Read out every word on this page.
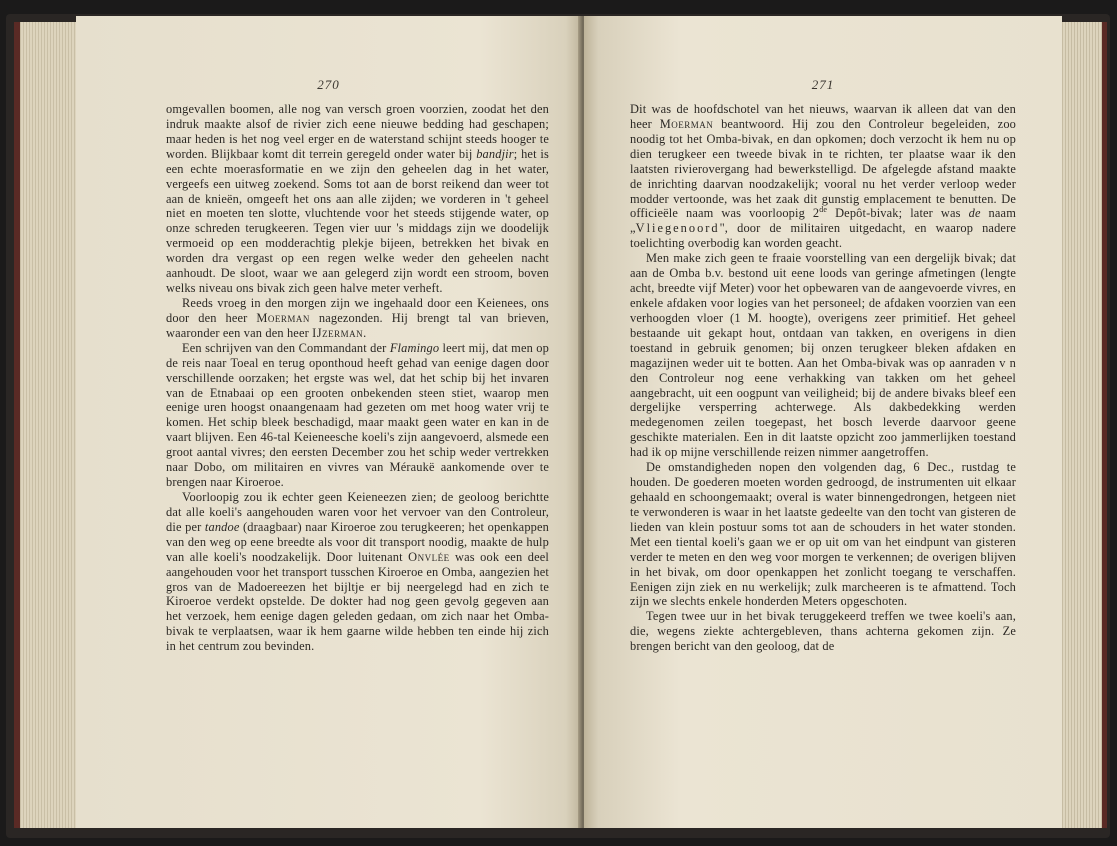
270

omgevallen boomen, alle nog van versch groen voorzien, zoodat het den indruk maakte alsof de rivier zich eene nieuwe bedding had geschapen; maar heden is het nog veel erger en de waterstand schijnt steeds hooger te worden. Blijkbaar komt dit terrein geregeld onder water bij bandjir; het is een echte moerasformatie en we zijn den geheelen dag in het water, vergeefs een uitweg zoekend. Soms tot aan de borst reikend dan weer tot aan de knieën, omgeeft het ons aan alle zijden; we vorderen in 't geheel niet en moeten ten slotte, vluchtende voor het steeds stijgende water, op onze schreden terugkeeren. Tegen vier uur 's middags zijn we doodelijk vermoeid op een modderachtig plekje bijeen, betrekken het bivak en worden dra vergast op een regen welke weder den geheelen nacht aanhoudt. De sloot, waar we aan gelegerd zijn wordt een stroom, boven welks niveau ons bivak zich geen halve meter verheft.

Reeds vroeg in den morgen zijn we ingehaald door een Keienees, ons door den heer Moerman nagezonden. Hij brengt tal van brieven, waaronder een van den heer IJzerman.

Een schrijven van den Commandant der Flamingo leert mij, dat men op de reis naar Toeal en terug oponthoud heeft gehad van eenige dagen door verschillende oorzaken; het ergste was wel, dat het schip bij het invaren van de Etnabaai op een grooten onbekenden steen stiet, waarop men eenige uren hoogst onaangenaam had gezeten om met hoog water vrij te komen. Het schip bleek beschadigd, maar maakt geen water en kan in de vaart blijven. Een 46-tal Keieneesche koeli's zijn aangevoerd, alsmede een groot aantal vivres; den eersten December zou het schip weder vertrekken naar Dobo, om militairen en vivres van Méraukë aankomende over te brengen naar Kiroeroe.

Voorloopig zou ik echter geen Keieneezen zien; de geoloog berichtte dat alle koeli's aangehouden waren voor het vervoer van den Controleur, die per tandoe (draagbaar) naar Kiroeroe zou terugkeeren; het openkappen van den weg op eene breedte als voor dit transport noodig, maakte de hulp van alle koeli's noodzakelijk. Door luitenant Onvlée was ook een deel aangehouden voor het transport tusschen Kiroeroe en Omba, aangezien het gros van de Madoereezen het bijltje er bij neergelegd had en zich te Kiroeroe verdekt opstelde. De dokter had nog geen gevolg gegeven aan het verzoek, hem eenige dagen geleden gedaan, om zich naar het Omba-bivak te verplaatsen, waar ik hem gaarne wilde hebben ten einde hij zich in het centrum zou bevinden.

271

Dit was de hoofdschotel van het nieuws, waarvan ik alleen dat van den heer Moerman beantwoord. Hij zou den Controleur begeleiden, zoo noodig tot het Omba-bivak, en dan opkomen; doch verzocht ik hem nu op dien terugkeer een tweede bivak in te richten, ter plaatse waar ik den laatsten rivierovergang had bewerkstelligd. De afgelegde afstand maakte de inrichting daarvan noodzakelijk; vooral nu het verder verloop weder modder vertoonde, was het zaak dit gunstig emplacement te benutten. De officieële naam was voorloopig 2de Depôt-bivak; later was de naam „Vliegenoord", door de militairen uitgedacht, en waarop nadere toelichting overbodig kan worden geacht.

Men make zich geen te fraaie voorstelling van een dergelijk bivak; dat aan de Omba b.v. bestond uit eene loods van geringe afmetingen (lengte acht, breedte vijf Meter) voor het opbewaren van de aangevoerde vivres, en enkele afdaken voor logies van het personeel; de afdaken voorzien van een verhoogden vloer (1 M. hoogte), overigens zeer primitief. Het geheel bestaande uit gekapt hout, ontdaan van takken, en overigens in dien toestand in gebruik genomen; bij onzen terugkeer bleken afdaken en magazijnen weder uit te botten. Aan het Omba-bivak was op aanraden v n den Controleur nog eene verhakking van takken om het geheel aangebracht, uit een oogpunt van veiligheid; bij de andere bivaks bleef een dergelijke versperring achterwege. Als dakbedekking werden medegenomen zeilen toegepast, het bosch leverde daarvoor geene geschikte materialen. Een in dit laatste opzicht zoo jammerlijken toestand had ik op mijne verschillende reizen nimmer aangetroffen.

De omstandigheden nopen den volgenden dag, 6 Dec., rustdag te houden. De goederen moeten worden gedroogd, de instrumenten uit elkaar gehaald en schoongemaakt; overal is water binnengedrongen, hetgeen niet te verwonderen is waar in het laatste gedeelte van den tocht van gisteren de lieden van klein postuur soms tot aan de schouders in het water stonden. Met een tiental koeli's gaan we er op uit om van het eindpunt van gisteren verder te meten en den weg voor morgen te verkennen; de overigen blijven in het bivak, om door openkappen het zonlicht toegang te verschaffen. Eenigen zijn ziek en nu werkelijk; zulk marcheeren is te afmattend. Toch zijn we slechts enkele honderden Meters opgeschoten.

Tegen twee uur in het bivak teruggekeerd treffen we twee koeli's aan, die, wegens ziekte achtergebleven, thans achterna gekomen zijn. Ze brengen bericht van den geoloog, dat de
